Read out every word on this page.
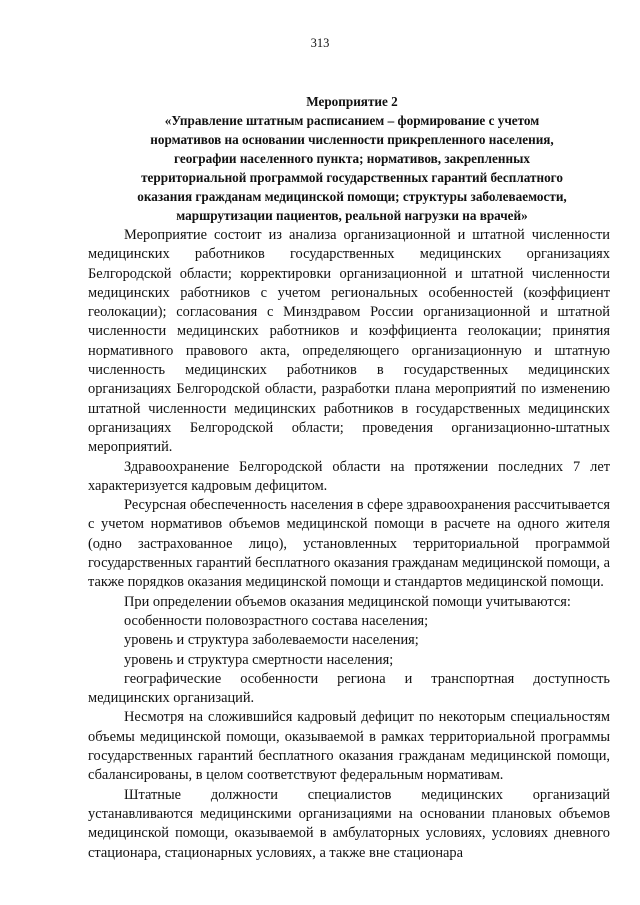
313
Мероприятие 2
«Управление штатным расписанием – формирование с учетом
нормативов на основании численности прикрепленного населения,
географии населенного пункта; нормативов, закрепленных
территориальной программой государственных гарантий бесплатного
оказания гражданам медицинской помощи; структуры заболеваемости,
маршрутизации пациентов, реальной нагрузки на врачей»

Мероприятие состоит из анализа организационной и штатной численности медицинских работников государственных медицинских организациях Белгородской области; корректировки организационной и штатной численности медицинских работников с учетом региональных особенностей (коэффициент геолокации); согласования с Минздравом России организационной и штатной численности медицинских работников и коэффициента геолокации; принятия нормативного правового акта, определяющего организационную и штатную численность медицинских работников в государственных медицинских организациях Белгородской области, разработки плана мероприятий по изменению штатной численности медицинских работников в государственных медицинских организациях Белгородской области; проведения организационно-штатных мероприятий.

Здравоохранение Белгородской области на протяжении последних 7 лет характеризуется кадровым дефицитом.

Ресурсная обеспеченность населения в сфере здравоохранения рассчитывается с учетом нормативов объемов медицинской помощи в расчете на одного жителя (одно застрахованное лицо), установленных территориальной программой государственных гарантий бесплатного оказания гражданам медицинской помощи, а также порядков оказания медицинской помощи и стандартов медицинской помощи.

При определении объемов оказания медицинской помощи учитываются:

особенности половозрастного состава населения;

уровень и структура заболеваемости населения;

уровень и структура смертности населения;

географические особенности региона и транспортная доступность медицинских организаций.

Несмотря на сложившийся кадровый дефицит по некоторым специальностям объемы медицинской помощи, оказываемой в рамках территориальной программы государственных гарантий бесплатного оказания гражданам медицинской помощи, сбалансированы, в целом соответствуют федеральным нормативам.

Штатные должности специалистов медицинских организаций устанавливаются медицинскими организациями на основании плановых объемов медицинской помощи, оказываемой в амбулаторных условиях, условиях дневного стационара, стационарных условиях, а также вне стационара
